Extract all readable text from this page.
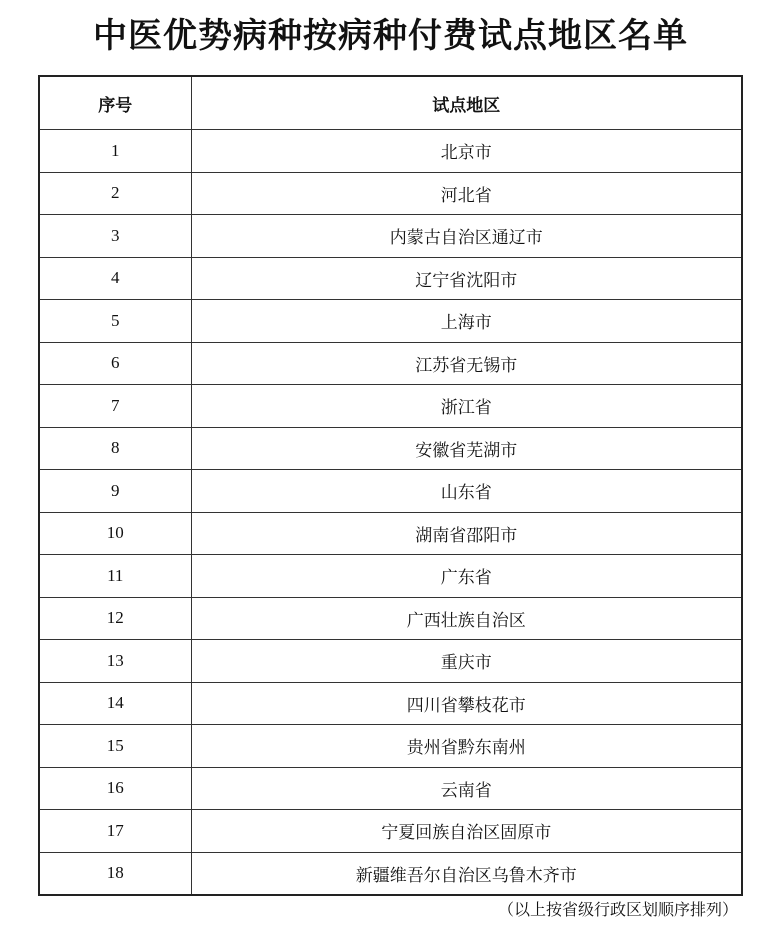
中医优势病种按病种付费试点地区名单
序号	试点地区
1	北京市
2	河北省
3	内蒙古自治区通辽市
4	辽宁省沈阳市
5	上海市
6	江苏省无锡市
7	浙江省
8	安徽省芜湖市
9	山东省
10	湖南省邵阳市
11	广东省
12	广西壮族自治区
13	重庆市
14	四川省攀枝花市
15	贵州省黔东南州
16	云南省
17	宁夏回族自治区固原市
18	新疆维吾尔自治区乌鲁木齐市
（以上按省级行政区划顺序排列）
